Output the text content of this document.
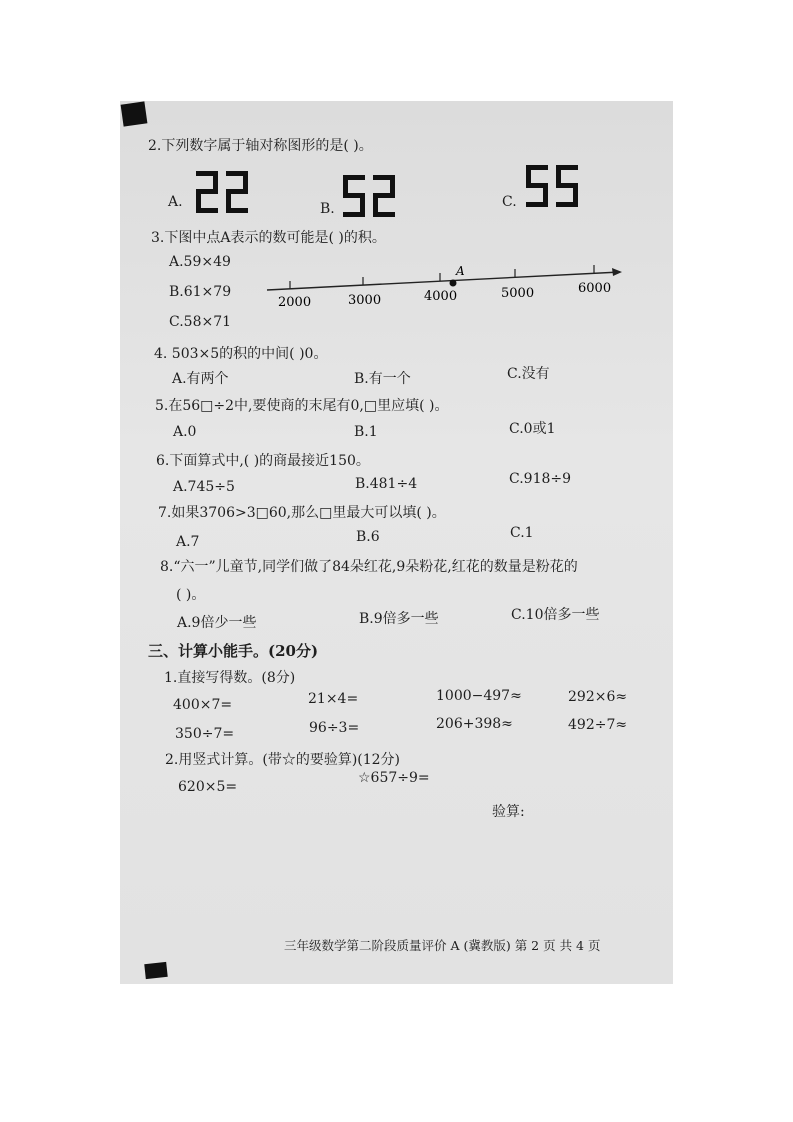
2.下列数字属于轴对称图形的是( )。
A.	B.	C.
3.下图中点A表示的数可能是( )的积。
A.59×49
B.61×79
C.58×71
2000	3000	4000	5000	6000
A
4. 503×5的积的中间( )0。
A.有两个	B.有一个	C.没有
5.在56□÷2中,要使商的末尾有0,□里应填( )。
A.0	B.1	C.0或1
6.下面算式中,( )的商最接近150。
A.745÷5	B.481÷4	C.918÷9
7.如果3706>3□60,那么□里最大可以填( )。
A.7	B.6	C.1
8.“六一”儿童节,同学们做了84朵红花,9朵粉花,红花的数量是粉花的
( )。
A.9倍少一些	B.9倍多一些	C.10倍多一些
三、计算小能手。(20分)
1.直接写得数。(8分)
400×7=	21×4=	1000−497≈	292×6≈
350÷7=	96÷3=	206+398≈	492÷7≈
2.用竖式计算。(带☆的要验算)(12分)
620×5=
☆657÷9=
验算:
三年级数学第二阶段质量评价 A (冀教版) 第 2 页 共 4 页
